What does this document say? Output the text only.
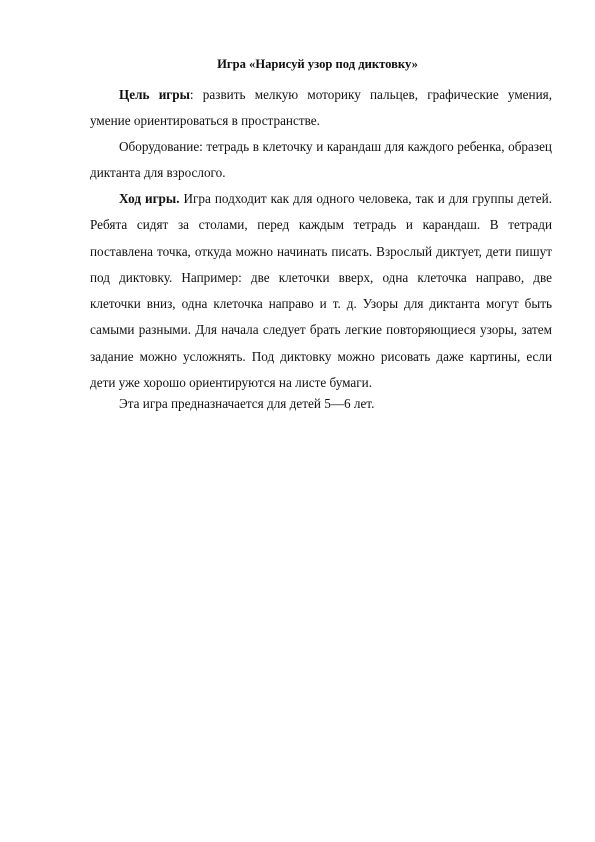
Игра «Нарисуй узор под диктовку»

Цель игры: развить мелкую моторику пальцев, графические умения, умение ориентироваться в пространстве.

Оборудование: тетрадь в клеточку и карандаш для каждого ребенка, образец диктанта для взрослого.

Ход игры. Игра подходит как для одного человека, так и для группы детей. Ребята сидят за столами, перед каждым тетрадь и карандаш. В тетради поставлена точка, откуда можно начинать писать. Взрослый диктует, дети пишут под диктовку. Например: две клеточки вверх, одна клеточка направо, две клеточки вниз, одна клеточка направо и т. д. Узоры для диктанта могут быть самыми разными. Для начала следует брать легкие повторяющиеся узоры, затем задание можно усложнять. Под диктовку можно рисовать даже картины, если дети уже хорошо ориентируются на листе бумаги.

Эта игра предназначается для детей 5—6 лет.
